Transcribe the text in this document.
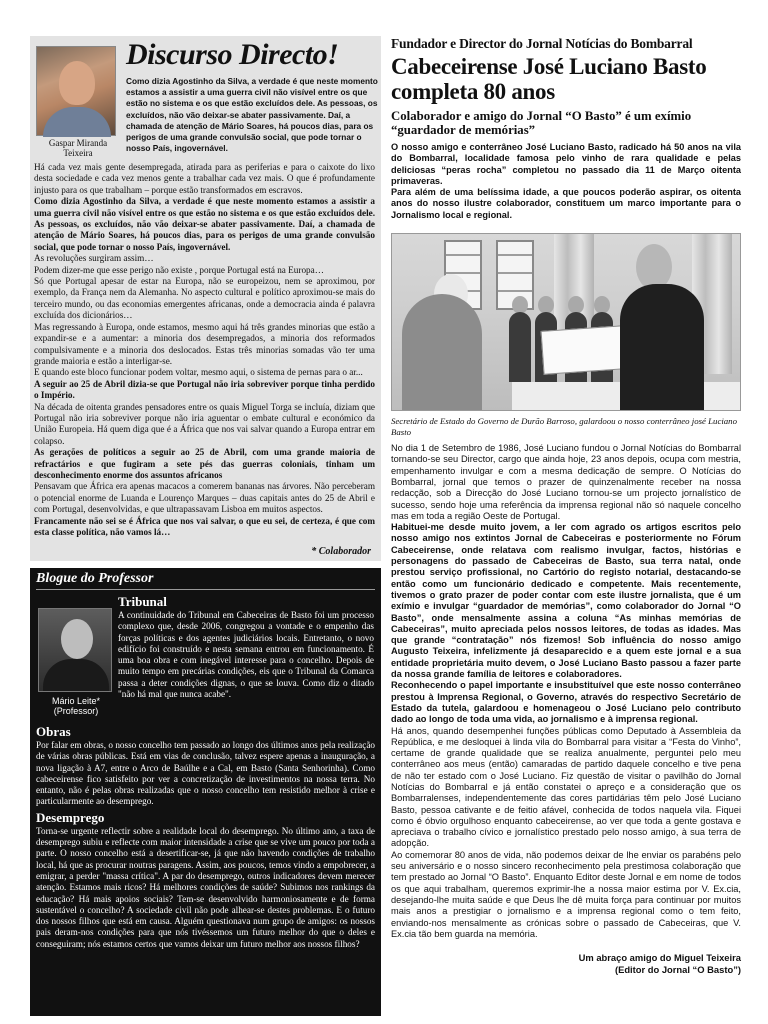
Gaspar Miranda Teixeira
Discurso Directo!

Como dizia Agostinho da Silva, a verdade é que neste momento estamos a assistir a uma guerra civil não visível entre os que estão no sistema e os que estão excluídos dele. As pessoas, os excluídos, não vão deixar-se abater passivamente. Daí, a chamada de atenção de Mário Soares, há poucos dias, para os perigos de uma grande convulsão social, que pode tornar o nosso País, ingovernável.

Há cada vez mais gente desempregada, atirada para as periferias e para o caixote do lixo desta sociedade e cada vez menos gente a trabalhar cada vez mais. O que é profundamente injusto para os que trabalham – porque estão transformados em escravos.

Como dizia Agostinho da Silva, a verdade é que neste momento estamos a assistir a uma guerra civil não visível entre os que estão no sistema e os que estão excluídos dele. As pessoas, os excluídos, não vão deixar-se abater passivamente. Daí, a chamada de atenção de Mário Soares, há poucos dias, para os perigos de uma grande convulsão social, que pode tornar o nosso País, ingovernável.

As revoluções surgiram assim…

Podem dizer-me que esse perigo não existe , porque Portugal está na Europa…

Só que Portugal apesar de estar na Europa, não se europeizou, nem se aproximou, por exemplo, da França nem da Alemanha. No aspecto cultural e político aproximou-se mais do terceiro mundo, ou das economias emergentes africanas, onde a democracia ainda é palavra excluída dos dicionários…

Mas regressando à Europa, onde estamos, mesmo aqui há três grandes minorias que estão a expandir-se e a aumentar: a minoria dos desempregados, a minoria dos reformados compulsivamente e a minoria dos deslocados. Estas três minorias somadas vão ter uma grande maioria e estão a interligar-se.

E quando este bloco funcionar podem voltar, mesmo aqui, o sistema de pernas para o ar...

A seguir ao 25 de Abril dizia-se que Portugal não iria sobreviver porque tinha perdido o Império.

Na década de oitenta grandes pensadores entre os quais Miguel Torga se incluía, diziam que Portugal não iria sobreviver porque não iria aguentar o embate cultural e económico da União Europeia. Há quem diga que é a África que nos vai salvar quando a Europa entrar em colapso.

As gerações de políticos a seguir ao 25 de Abril, com uma grande maioria de refractários e que fugiram a sete pés das guerras coloniais, tinham um desconhecimento enorme dos assuntos africanos

Pensavam que África era apenas macacos a comerem bananas nas árvores. Não perceberam o potencial enorme de Luanda e Lourenço Marques – duas capitais antes do 25 de Abril e com Portugal, desenvolvidas, e que ultrapassavam Lisboa em muitos aspectos.

Francamente não sei se é África que nos vai salvar, o que eu sei, de certeza, é que com esta classe política, não vamos lá…

* Colaborador
Blogue do Professor
Mário Leite* (Professor)
Tribunal

A continuidade do Tribunal em Cabeceiras de Basto foi um processo complexo que, desde 2006, congregou a vontade e o empenho das forças políticas e dos agentes judiciários locais. Entretanto, o novo edifício foi construído e nesta semana entrou em funcionamento. É uma boa obra e com inegável interesse para o concelho. Depois de muito tempo em precárias condições, eis que o Tribunal da Comarca passa a deter condições dignas, o que se louva. Como diz o ditado "não há mal que nunca acabe".

Obras

Por falar em obras, o nosso concelho tem passado ao longo dos últimos anos pela realização de várias obras públicas. Está em vias de conclusão, talvez espere apenas a inauguração, a nova ligação à A7, entre o Arco de Baúlhe e a Cal, em Basto (Santa Senhorinha). Como cabeceirense fico satisfeito por ver a concretização de investimentos na nossa terra. No entanto, não é pelas obras realizadas que o nosso concelho tem resistido melhor à crise e particularmente ao desemprego.

Desemprego

Torna-se urgente reflectir sobre a realidade local do desemprego. No último ano, a taxa de desemprego subiu e reflecte com maior intensidade a crise que se vive um pouco por toda a parte. O nosso concelho está a desertificar-se, já que não havendo condições de trabalho local, há que as procurar noutras paragens. Assim, aos poucos, temos vindo a empobrecer, a emigrar, a perder "massa crítica". A par do desemprego, outros indicadores devem merecer atenção. Estamos mais ricos? Há melhores condições de saúde? Subimos nos rankings da educação? Há mais apoios sociais? Tem-se desenvolvido harmoniosamente e de forma sustentável o concelho? A sociedade civil não pode alhear-se destes problemas. E o futuro dos nossos filhos que está em causa. Alguém questionava num grupo de amigos: os nossos pais deram-nos condições para que nós tivéssemos um futuro melhor do que o deles e conseguiram; nós estamos certos que vamos deixar um futuro melhor aos nossos filhos?

Fundador e Director do Jornal Notícias do Bombarral
Cabeceirense José Luciano Basto completa 80 anos
Colaborador e amigo do Jornal “O Basto” é um exímio “guardador de memórias”

O nosso amigo e conterrâneo José Luciano Basto, radicado há 50 anos na vila do Bombarral, localidade famosa pelo vinho de rara qualidade e pelas deliciosas “peras rocha” completou no passado dia 11 de Março oitenta primaveras.

Para além de uma belíssima idade, a que poucos poderão aspirar, os oitenta anos do nosso ilustre colaborador, constituem um marco importante para o Jornalismo local e regional.

Secretário de Estado do Governo de Durão Barroso, galardoou o nosso conterrâneo josé Luciano Basto

No dia 1 de Setembro de 1986, José Luciano fundou o Jornal Notícias do Bombarral tornando-se seu Director, cargo que ainda hoje, 23 anos depois, ocupa com mestria, empenhamento invulgar e com a mesma dedicação de sempre. O Notícias do Bombarral, jornal que temos o prazer de quinzenalmente receber na nossa redacção, sob a Direcção do José Luciano tornou-se um projecto jornalístico de sucesso, sendo hoje uma referência da imprensa regional não só naquele concelho mas em toda a região Oeste de Portugal.

Habituei-me desde muito jovem, a ler com agrado os artigos escritos pelo nosso amigo nos extintos Jornal de Cabeceiras e posteriormente no Fórum Cabeceirense, onde relatava com realismo invulgar, factos, histórias e personagens do passado de Cabeceiras de Basto, sua terra natal, onde prestou serviço profissional, no Cartório do registo notarial, destacando-se então como um funcionário dedicado e competente. Mais recentemente, tivemos o grato prazer de poder contar com este ilustre jornalista, que é um exímio e invulgar “guardador de memórias”, como colaborador do Jornal “O Basto”, onde mensalmente assina a coluna “As minhas memórias de Cabeceiras”, muito apreciada pelos nossos leitores, de todas as idades. Mas que grande “contratação” nós fizemos! Sob influência do nosso amigo Augusto Teixeira, infelizmente já desaparecido e a quem este jornal e a sua entidade proprietária muito devem, o José Luciano Basto passou a fazer parte da nossa grande família de leitores e colaboradores.

Reconhecendo o papel importante e insubstituível que este nosso conterrâneo prestou à Imprensa Regional, o Governo, através do respectivo Secretário de Estado da tutela, galardoou e homenageou o José Luciano pelo contributo dado ao longo de toda uma vida, ao jornalismo e à imprensa regional.

Há anos, quando desempenhei funções públicas como Deputado à Assembleia da República, e me desloquei à linda vila do Bombarral para visitar a “Festa do Vinho”, certame de grande qualidade que se realiza anualmente, perguntei pelo meu conterrâneo aos meus (então) camaradas de partido daquele concelho e tive pena de não ter estado com o José Luciano. Fiz questão de visitar o pavilhão do Jornal Notícias do Bombarral e já então constatei o apreço e a consideração que os Bombarralenses, independentemente das cores partidárias têm pelo José Luciano Basto, pessoa cativante e de feitio afável, conhecida de todos naquela vila. Fiquei como é óbvio orgulhoso enquanto cabeceirense, ao ver que toda a gente gostava e apreciava o trabalho cívico e jornalístico prestado pelo nosso amigo, à sua terra de adopção.

Ao comemorar 80 anos de vida, não podemos deixar de lhe enviar os parabéns pelo seu aniversário e o nosso sincero reconhecimento pela prestimosa colaboração que tem prestado ao Jornal “O Basto”. Enquanto Editor deste Jornal e em nome de todos os que aqui trabalham, queremos exprimir-lhe a nossa maior estima por V. Ex.cia, desejando-lhe muita saúde e que Deus lhe dê muita força para continuar por muitos mais anos a prestigiar o jornalismo e a imprensa regional como o tem feito, enviando-nos mensalmente as crónicas sobre o passado de Cabeceiras, que V. Ex.cia tão bem guarda na memória.

Um abraço amigo do Miguel Teixeira
(Editor do Jornal “O Basto”)
